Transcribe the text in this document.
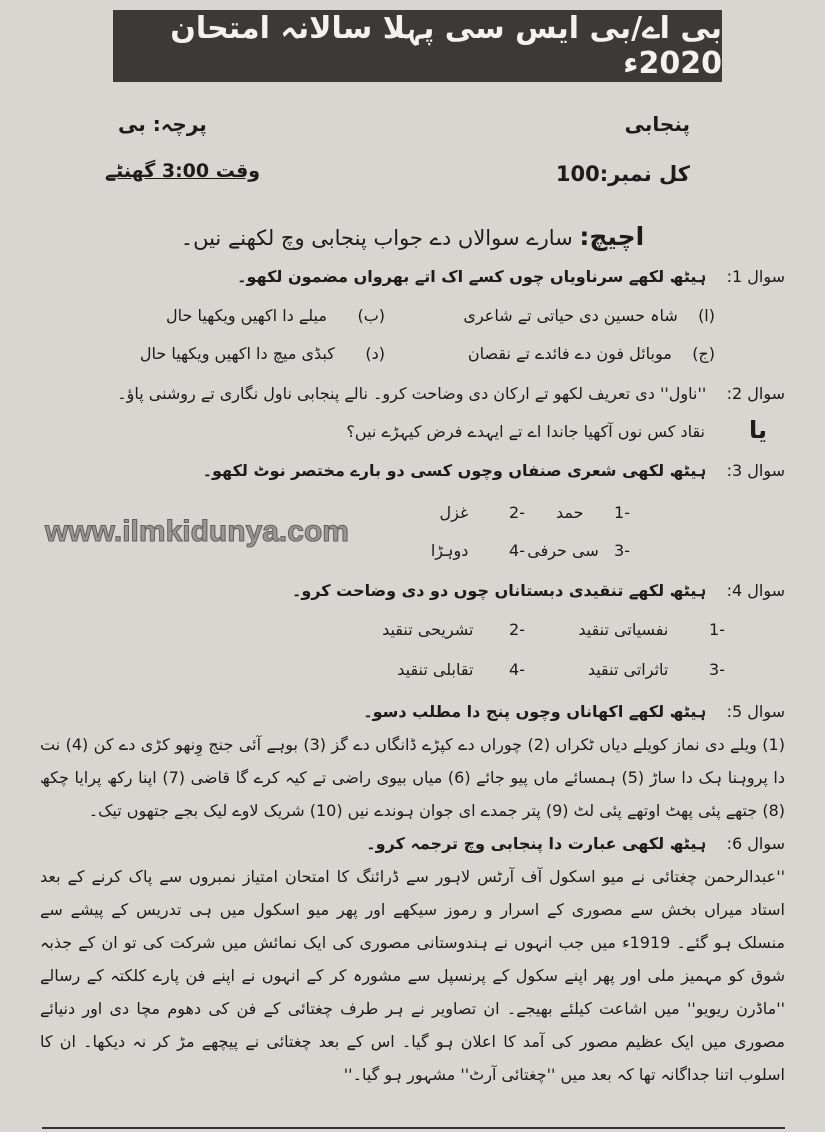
بی اے/بی ایس سی پہلا سالانہ امتحان 2020ء
پنجابی
پرچہ: بی
کل نمبر:100
وقت 3:00 گھنٹے
اچیچ: سارے سوالاں دے جواب پنجابی وچ لکھنے نیں۔
سوال 1:    ہیٹھ لکھے سرناویاں چوں کسے اک اتے بھرواں مضمون لکھو۔
(ا)    شاہ حسین دی حیاتی تے شاعری
(ب)      میلے دا اکھیں ویکھیا حال
(ج)    موبائل فون دے فائدے تے نقصان
(د)      کبڈی میچ دا اکھیں ویکھیا حال
سوال 2:    ''ناول'' دی تعریف لکھو تے ارکان دی وضاحت کرو۔ نالے پنجابی ناول نگاری تے روشنی پاؤ۔
یا
نقاد کس نوں آکھیا جاندا اے تے ایہدے فرض کیہڑے نیں؟
سوال 3:    ہیٹھ لکھی شعری صنفاں وچوں کسی دو بارے مختصر نوٹ لکھو۔
-1      حمد
-2        غزل
-3   سی حرفی
-4        دوہڑا
www.ilmkidunya.com
سوال 4:    ہیٹھ لکھے تنقیدی دبستاناں چوں دو دی وضاحت کرو۔
-1        نفسیاتی تنقید
-2       تشریحی تنقید
-3        تاثراتی تنقید
-4       تقابلی تنقید
سوال 5:    ہیٹھ لکھے اکھاناں وچوں پنج دا مطلب دسو۔
(1) ویلے دی نماز کویلے دیاں ٹکراں (2) چوراں دے کپڑے ڈانگاں دے گز (3) بوہے آئی جنج وِنھو کڑی دے کن (4) نت دا پروہنا ہک دا ساڑ (5) ہمسائے ماں پیو جائے (6) میاں بیوی راضی تے کیہ کرے گا قاضی (7) اپنا رکھ پرایا چکھ (8) جتھے پئی پھٹ اوتھے پئی لٹ (9) پتر جمدے ای جوان ہوندے نیں (10) شریک لاوے لیک بجے جتھوں تیک۔
سوال 6:    ہیٹھ لکھی عبارت دا پنجابی وچ ترجمہ کرو۔
''عبدالرحمن چغتائی نے میو اسکول آف آرٹس لاہور سے ڈرائنگ کا امتحان امتیاز نمبروں سے پاک کرنے کے بعد استاد میراں بخش سے مصوری کے اسرار و رموز سیکھے اور پھر میو اسکول میں ہی تدریس کے پیشے سے منسلک ہو گئے۔ 1919ء میں جب انہوں نے ہندوستانی مصوری کی ایک نمائش میں شرکت کی تو ان کے جذبہ شوق کو مہمیز ملی اور پھر اپنے سکول کے پرنسپل سے مشورہ کر کے انہوں نے اپنے فن پارے کلکتہ کے رسالے ''ماڈرن ریویو'' میں اشاعت کیلئے بھیجے۔ ان تصاویر نے ہر طرف چغتائی کے فن کی دھوم مچا دی اور دنیائے مصوری میں ایک عظیم مصور کی آمد کا اعلان ہو گیا۔ اس کے بعد چغتائی نے پیچھے مڑ کر نہ دیکھا۔ ان کا اسلوب اتنا جداگانہ تھا کہ بعد میں ''چغتائی آرٹ'' مشہور ہو گیا۔''
